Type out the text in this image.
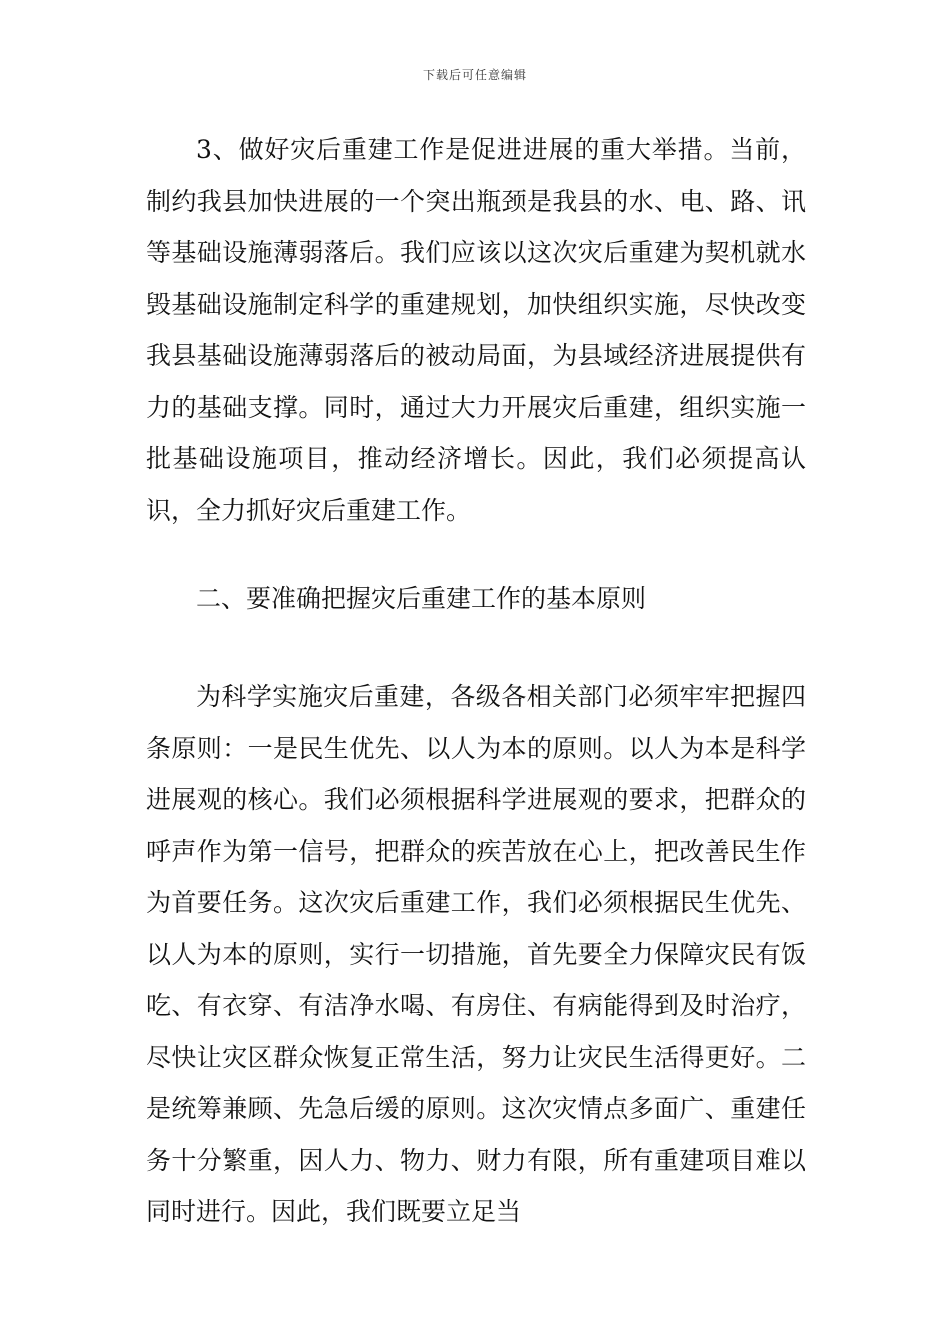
下载后可任意编辑

3、做好灾后重建工作是促进进展的重大举措。当前，制约我县加快进展的一个突出瓶颈是我县的水、电、路、讯等基础设施薄弱落后。我们应该以这次灾后重建为契机就水毁基础设施制定科学的重建规划，加快组织实施，尽快改变我县基础设施薄弱落后的被动局面，为县域经济进展提供有力的基础支撑。同时，通过大力开展灾后重建，组织实施一批基础设施项目，推动经济增长。因此，我们必须提高认识，全力抓好灾后重建工作。

二、要准确把握灾后重建工作的基本原则

为科学实施灾后重建，各级各相关部门必须牢牢把握四条原则：一是民生优先、以人为本的原则。以人为本是科学进展观的核心。我们必须根据科学进展观的要求，把群众的呼声作为第一信号，把群众的疾苦放在心上，把改善民生作为首要任务。这次灾后重建工作，我们必须根据民生优先、以人为本的原则，实行一切措施，首先要全力保障灾民有饭吃、有衣穿、有洁净水喝、有房住、有病能得到及时治疗，尽快让灾区群众恢复正常生活，努力让灾民生活得更好。二是统筹兼顾、先急后缓的原则。这次灾情点多面广、重建任务十分繁重，因人力、物力、财力有限，所有重建项目难以同时进行。因此，我们既要立足当
